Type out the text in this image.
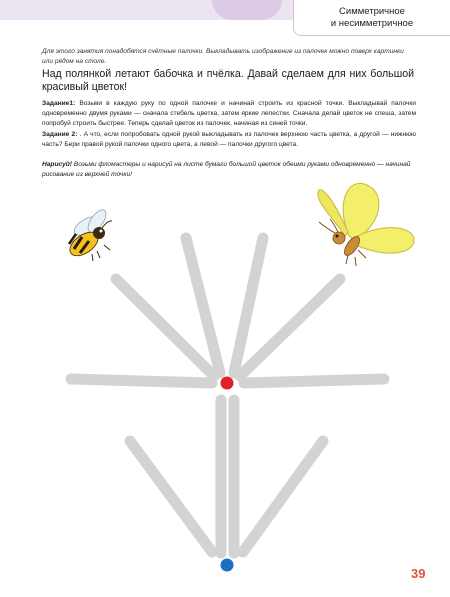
Симметричное
и несимметричное
Для этого занятия понадобятся счётные палочки. Выкладывать изображение из палочек можно поверх картинки или рядом на столе.
Над полянкой летают бабочка и пчёлка. Давай сделаем для них большой красивый цветок!
Задание1: Возьми в каждую руку по одной палочке и начинай строить из красной точки. Выкладывай палочки одновременно двумя руками — сначала стебель цветка, затем яркие лепестки. Сначала делай цветок не спеша, затем попробуй строить быстрее. Теперь сделай цветок из палочек, начиная из синей точки.
Задание 2: . А что, если попробовать одной рукой выкладывать из палочек верхнюю часть цветка, а другой — нижнюю часть? Бери правой рукой палочки одного цвета, а левой — палочки другого цвета.
Нарисуй! Возьми фломастеры и нарисуй на листе бумаги большой цветок обеими руками одновременно — начинай рисование из верхней точки!
39
